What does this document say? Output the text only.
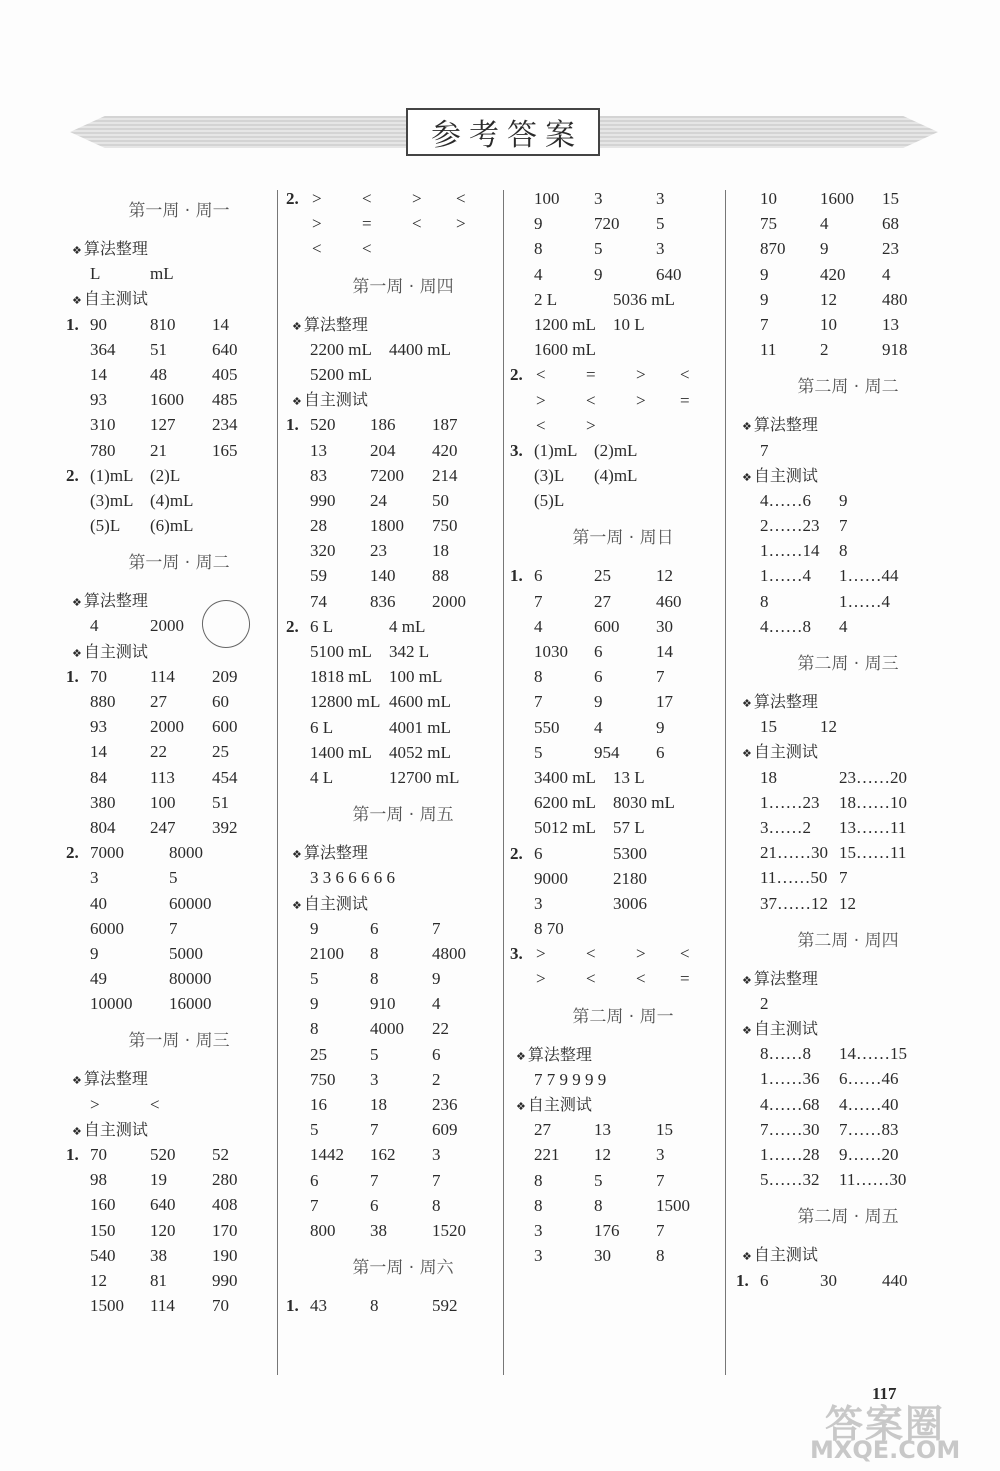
参考答案
第一周 · 周一
❖ 算法整理
L	mL
❖ 自主测试
1. 90	810 14
364 51	640
14	48	405
93	1600 485
310 127 234
780 21	165
2. (1)mL (2)L
(3)mL (4)mL
(5)L (6)mL
第一周 · 周二
❖ 算法整理
4	2000
❖ 自主测试
1. 70	114 209
880 27	60
93	2000 600
14	22	25
84	113 454
380 100 51
804 247 392
2. 7000	8000
3	5
40	60000
6000	7
9	5000
49	80000
10000 16000
第一周 · 周三
❖ 算法整理
>	<
❖ 自主测试
1. 70	520 52
98	19	280
160 640 408
150 120 170
540 38	190
12	81	990
1500 114 70
2. > < > <
> = < >
< <
第一周 · 周四
❖ 算法整理
2200 mL 4400 mL
5200 mL
❖ 自主测试
1. 520 186 187
13	204 420
83	7200 214
990 24	50
28	1800 750
320 23	18
59	140 88
74	836 2000
2. 6 L	4 mL
5100 mL 342 L
1818 mL 100 mL
12800 mL 4600 mL
6 L	4001 mL
1400 mL 4052 mL
4 L	12700 mL
第一周 · 周五
❖ 算法整理
3 3 6 6 6 6 6
❖ 自主测试
9	6	7
2100 8	4800
5	8	9
9	910 4
8	4000 22
25	5	6
750 3	2
16	18	236
5	7	609
1442 162 3
6	7	7
7	6	8
800 38	1520
第一周 · 周六
1. 43	8	592
100 3	3
9	720 5
8	5	3
4	9	640
2 L	5036 mL
1200 mL 10 L
1600 mL
2. < = > <
> < > =
< >
3. (1)mL (2)mL
(3)L (4)mL
(5)L
第一周 · 周日
1. 6	25	12
7	27	460
4	600 30
1030 6	14
8	6	7
7	9	17
550 4	9
5	954 6
3400 mL 13 L
6200 mL 8030 mL
5012 mL 57 L
2. 6	5300
9000	2180
3	3006
8 70
3. > < > <
> < < =
第二周 · 周一
❖ 算法整理
7 7 9 9 9 9
❖ 自主测试
27	13	15
221 12	3
8	5	7
8	8	1500
3	176 7
3	30	8
10	1600 15
75	4	68
870 9	23
9	420 4
9	12	480
7	10	13
11	2	918
第二周 · 周二
❖ 算法整理
7
❖ 自主测试
4……6 9
2……23 7
1……14 8
1……4 1……44
8	1……4
4……8 4
第二周 · 周三
❖ 算法整理
15	12
❖ 自主测试
18	23……20
1……23 18……10
3……2 13……11
21……30 15……11
11……50 7
37……12 12
第二周 · 周四
❖ 算法整理
2
❖ 自主测试
8……8 14……15
1……36 6……46
4……68 4……40
7……30 7……83
1……28 9……20
5……32 11……30
第二周 · 周五
❖ 自主测试
1. 6	30	440
117
答案圈
MXQE.COM
